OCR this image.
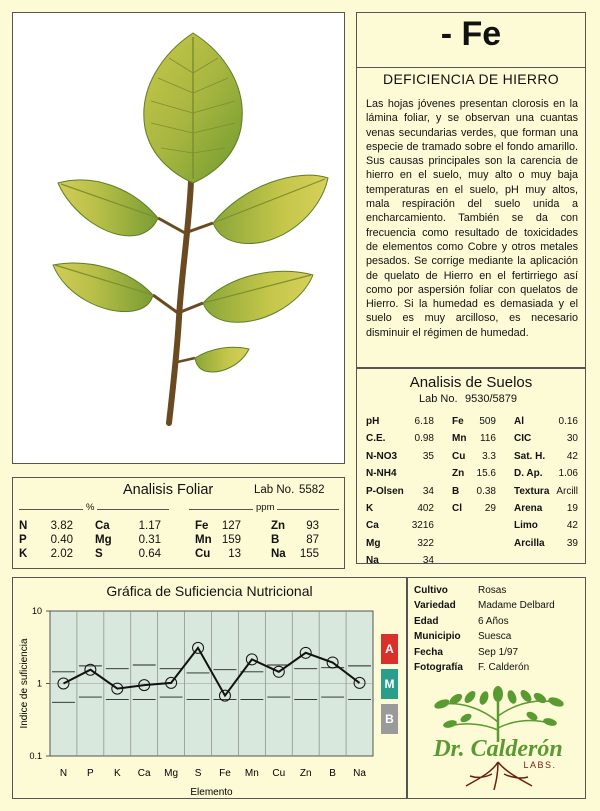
- Fe
DEFICIENCIA DE HIERRO
Las hojas jóvenes presentan clorosis en la lámina foliar, y se observan una cuantas venas secundarias verdes, que forman una especie de tramado sobre el fondo amarillo. Sus causas principales son la carencia de hierro en el suelo, muy alto o muy baja temperaturas en el suelo, pH muy altos, mala respiración del suelo unida a encharcamiento. También se da con frecuencia como resultado de toxicidades de elementos como Cobre y otros metales pesados. Se corrige mediante la aplicación de quelato de Hierro en el fertirriego así como por aspersión foliar con quelatos de Hierro. Si la humedad es demasiada y el suelo es muy arcilloso, es necesario disminuir el régimen de humedad.
Analisis de Suelos
Lab No. 9530/5879
pH	6.18
C.E.	0.98
N-NO3	35
N-NH4
P-Olsen	34
K	402
Ca	3216
Mg	322
Na	34
Fe	509
Mn	116
Cu	3.3
Zn	15.6
B	0.38
Cl	29
Al	0.16
CIC	30
Sat. H.	42
D. Ap.	1.06
Textura Arcill
Arena	19
Limo	42
Arcilla	39
Analisis Foliar	Lab No. 5582
%	ppm
N	3.82 Ca	1.17
P	0.40 Mg	0.31
K	2.02 S	0.64
Fe	127	Zn	93
Mn 159	B	87
Cu	13	Na	155
Gráfica de Suficiencia Nutricional
10
1
0.1
N P K Ca Mg S Fe Mn Cu Zn B Na
Elemento
Indice de suficiencia	A
M
B
Cultivo	Rosas
Variedad Madame Delbard
Edad	6 Años
Municipio Suesca
Fecha	Sep 1/97
Fotografía F. Calderón
Dr. Calderón
LABS.
